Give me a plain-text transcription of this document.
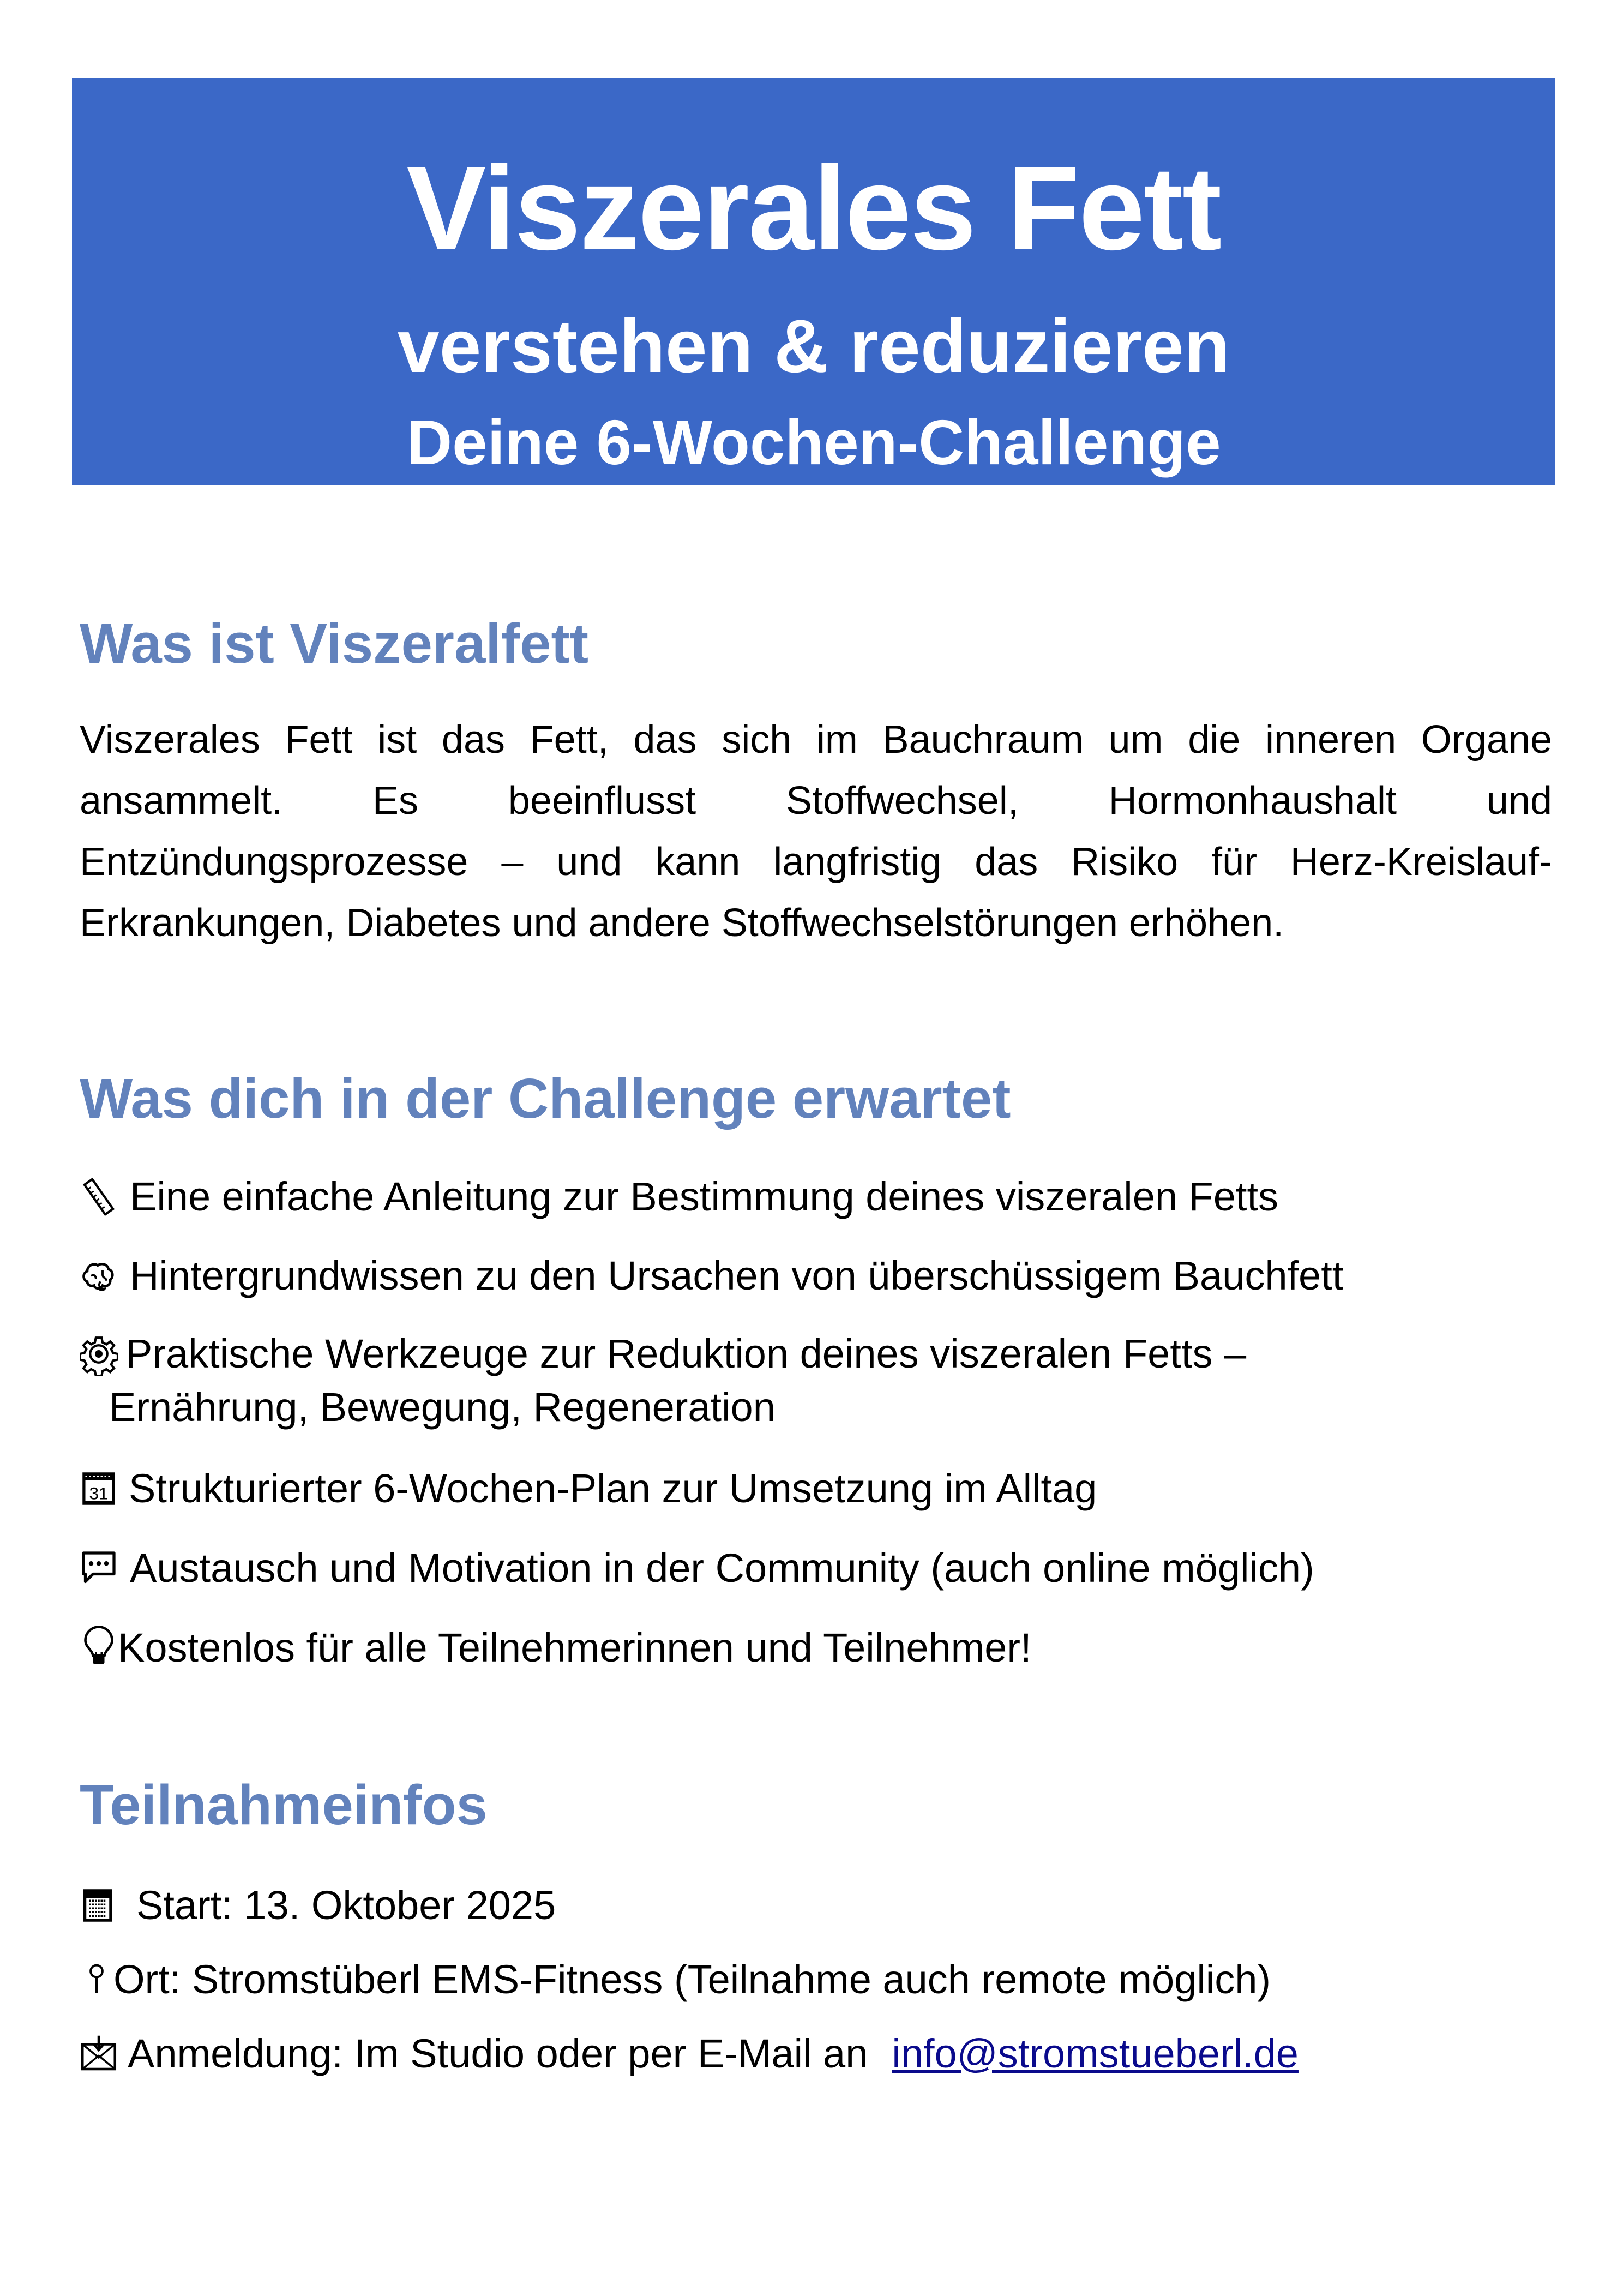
Viszerales Fett
verstehen & reduzieren
Deine 6-Wochen-Challenge
Was ist Viszeralfett

Viszerales Fett ist das Fett, das sich im Bauchraum um die inneren Organe ansammelt. Es beeinflusst Stoffwechsel, Hormonhaushalt und Entzündungsprozesse – und kann langfristig das Risiko für Herz-Kreislauf-Erkrankungen, Diabetes und andere Stoffwechselstörungen erhöhen.

Was dich in der Challenge erwartet
Eine einfache Anleitung zur Bestimmung deines viszeralen Fetts
Hintergrundwissen zu den Ursachen von überschüssigem Bauchfett
Praktische Werkzeuge zur Reduktion deines viszeralen Fetts –
Ernährung, Bewegung, Regeneration
31 Strukturierter 6-Wochen-Plan zur Umsetzung im Alltag
Austausch und Motivation in der Community (auch online möglich)
Kostenlos für alle Teilnehmerinnen und Teilnehmer!
Teilnahmeinfos
Start: 13. Oktober 2025
Ort: Stromstüberl EMS-Fitness (Teilnahme auch remote möglich)
Anmeldung: Im Studio oder per E-Mail an info@stromstueberl.de
